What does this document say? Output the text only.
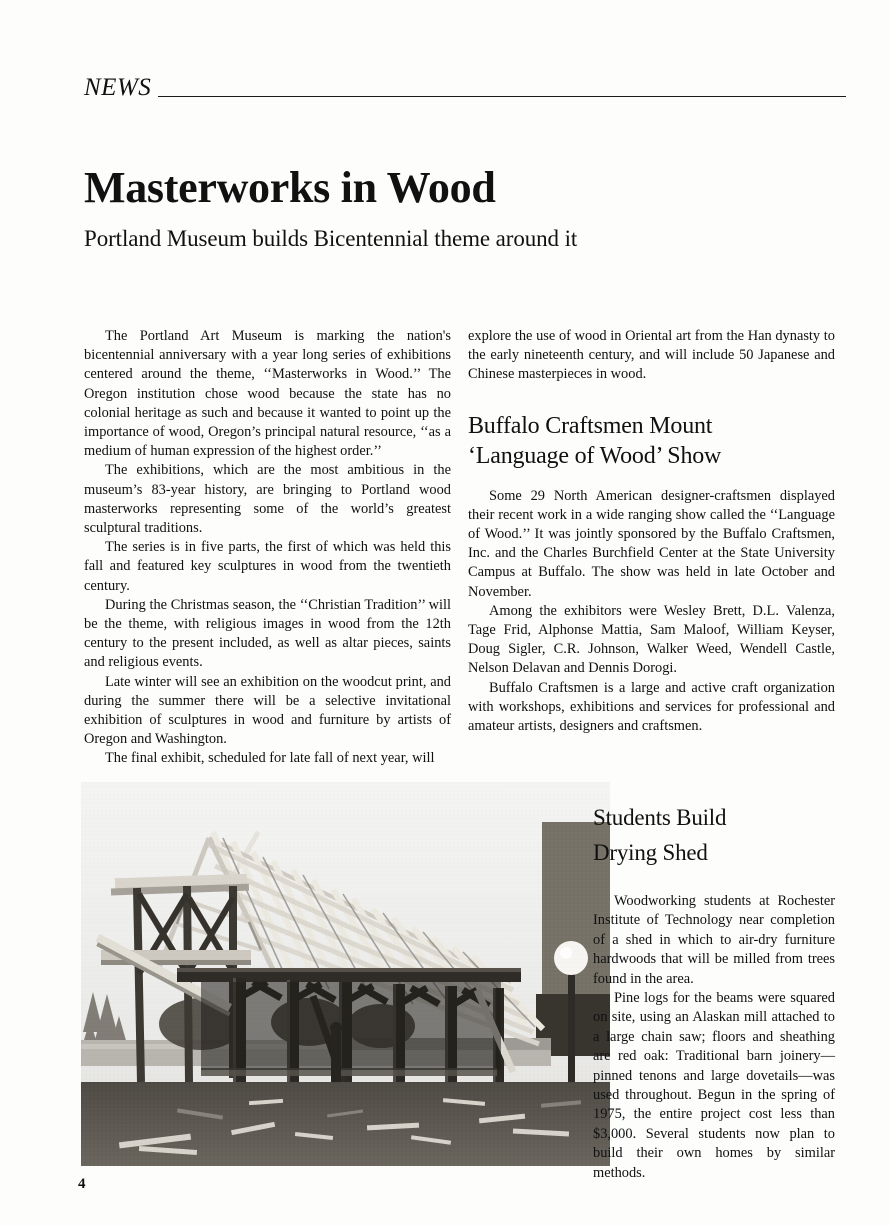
NEWS
Masterworks in Wood
Portland Museum builds Bicentennial theme around it

The Portland Art Museum is marking the nation's bicentennial anniversary with a year long series of exhibitions centered around the theme, ‘‘Masterworks in Wood.’’ The Oregon institution chose wood because the state has no colonial heritage as such and because it wanted to point up the importance of wood, Oregon’s principal natural resource, ‘‘as a medium of human expression of the highest order.’’

The exhibitions, which are the most ambitious in the museum’s 83-year history, are bringing to Portland wood masterworks representing some of the world’s greatest sculptural traditions.

The series is in five parts, the first of which was held this fall and featured key sculptures in wood from the twentieth century.

During the Christmas season, the ‘‘Christian Tradition’’ will be the theme, with religious images in wood from the 12th century to the present included, as well as altar pieces, saints and religious events.

Late winter will see an exhibition on the woodcut print, and during the summer there will be a selective invitational exhibition of sculptures in wood and furniture by artists of Oregon and Washington.

The final exhibit, scheduled for late fall of next year, will

explore the use of wood in Oriental art from the Han dynasty to the early nineteenth century, and will include 50 Japanese and Chinese masterpieces in wood.

Buffalo Craftsmen Mount
‘Language of Wood’ Show

Some 29 North American designer-craftsmen displayed their recent work in a wide ranging show called the ‘‘Language of Wood.’’ It was jointly sponsored by the Buffalo Craftsmen, Inc. and the Charles Burchfield Center at the State University Campus at Buffalo. The show was held in late October and November.

Among the exhibitors were Wesley Brett, D.L. Valenza, Tage Frid, Alphonse Mattia, Sam Maloof, William Keyser, Doug Sigler, C.R. Johnson, Walker Weed, Wendell Castle, Nelson Delavan and Dennis Dorogi.

Buffalo Craftsmen is a large and active craft organization with workshops, exhibitions and services for professional and amateur artists, designers and craftsmen.

Students Build
Drying Shed

Woodworking students at Rochester Institute of Technology near completion of a shed in which to air-dry furniture hardwoods that will be milled from trees found in the area.

Pine logs for the beams were squared on site, using an Alaskan mill attached to a large chain saw; floors and sheathing are red oak: Traditional barn joinery—pinned tenons and large dovetails—was used throughout. Begun in the spring of 1975, the entire project cost less than $3,000. Several students now plan to build their own homes by similar methods.

4
